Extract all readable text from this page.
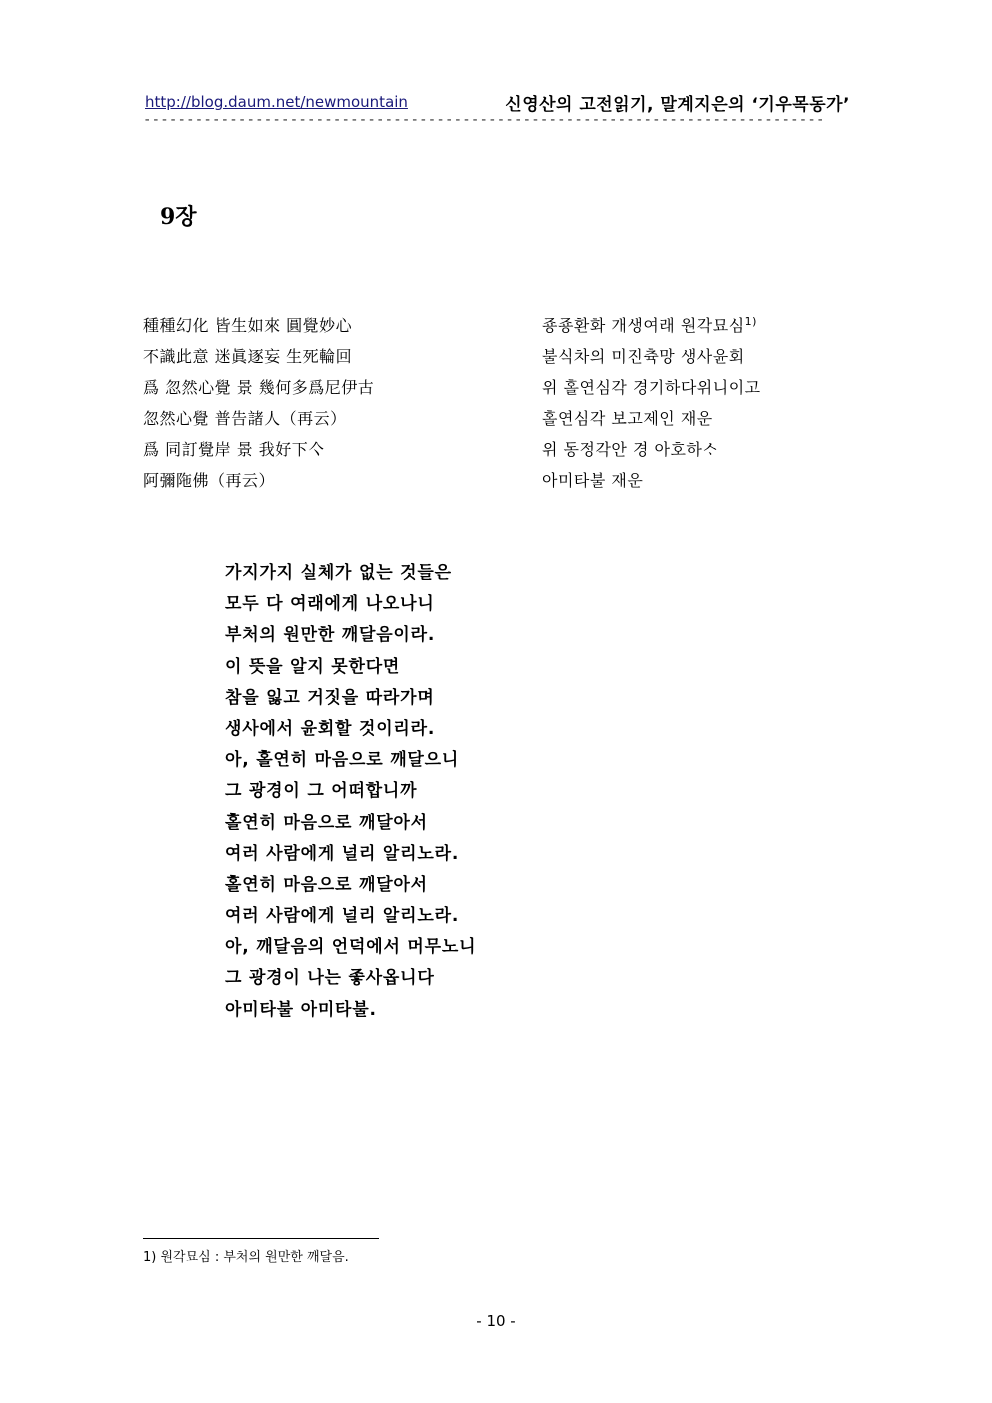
http://blog.daum.net/newmountain	신영산의 고전읽기, 말계지은의 ‘기우목동가’
-------------------------------------------------------------------------------
9장
種種幻化 皆生如來 圓覺妙心
不識此意 迷眞逐妄 生死輪回
爲 忽然心覺 景 幾何多爲尼伊古
忽然心覺 普告諸人（再云）
爲 同訂覺岸 景 我好下亽
阿彌陁佛（再云）
죵죵환화 개생여래 원각묘심$^{1)}$
불식차의 미진츅망 생사윤회
위 홀연심각 경기하다위니이고
홀연심각 보고제인 재운
위 동정각안 경 아호하ᄉᆞ
아미타불 재운
가지가지 실체가 없는 것들은
모두 다 여래에게 나오나니
부처의 원만한 깨달음이라.
이 뜻을 알지 못한다면
참을 잃고 거짓을 따라가며
생사에서 윤회할 것이리라.
아, 홀연히 마음으로 깨달으니
그 광경이 그 어떠합니까
홀연히 마음으로 깨달아서
여러 사람에게 널리 알리노라.
홀연히 마음으로 깨달아서
여러 사람에게 널리 알리노라.
아, 깨달음의 언덕에서 머무노니
그 광경이 나는 좋사옵니다
아미타불 아미타불.
1) 원각묘심 : 부처의 원만한 깨달음.
- 10 -
